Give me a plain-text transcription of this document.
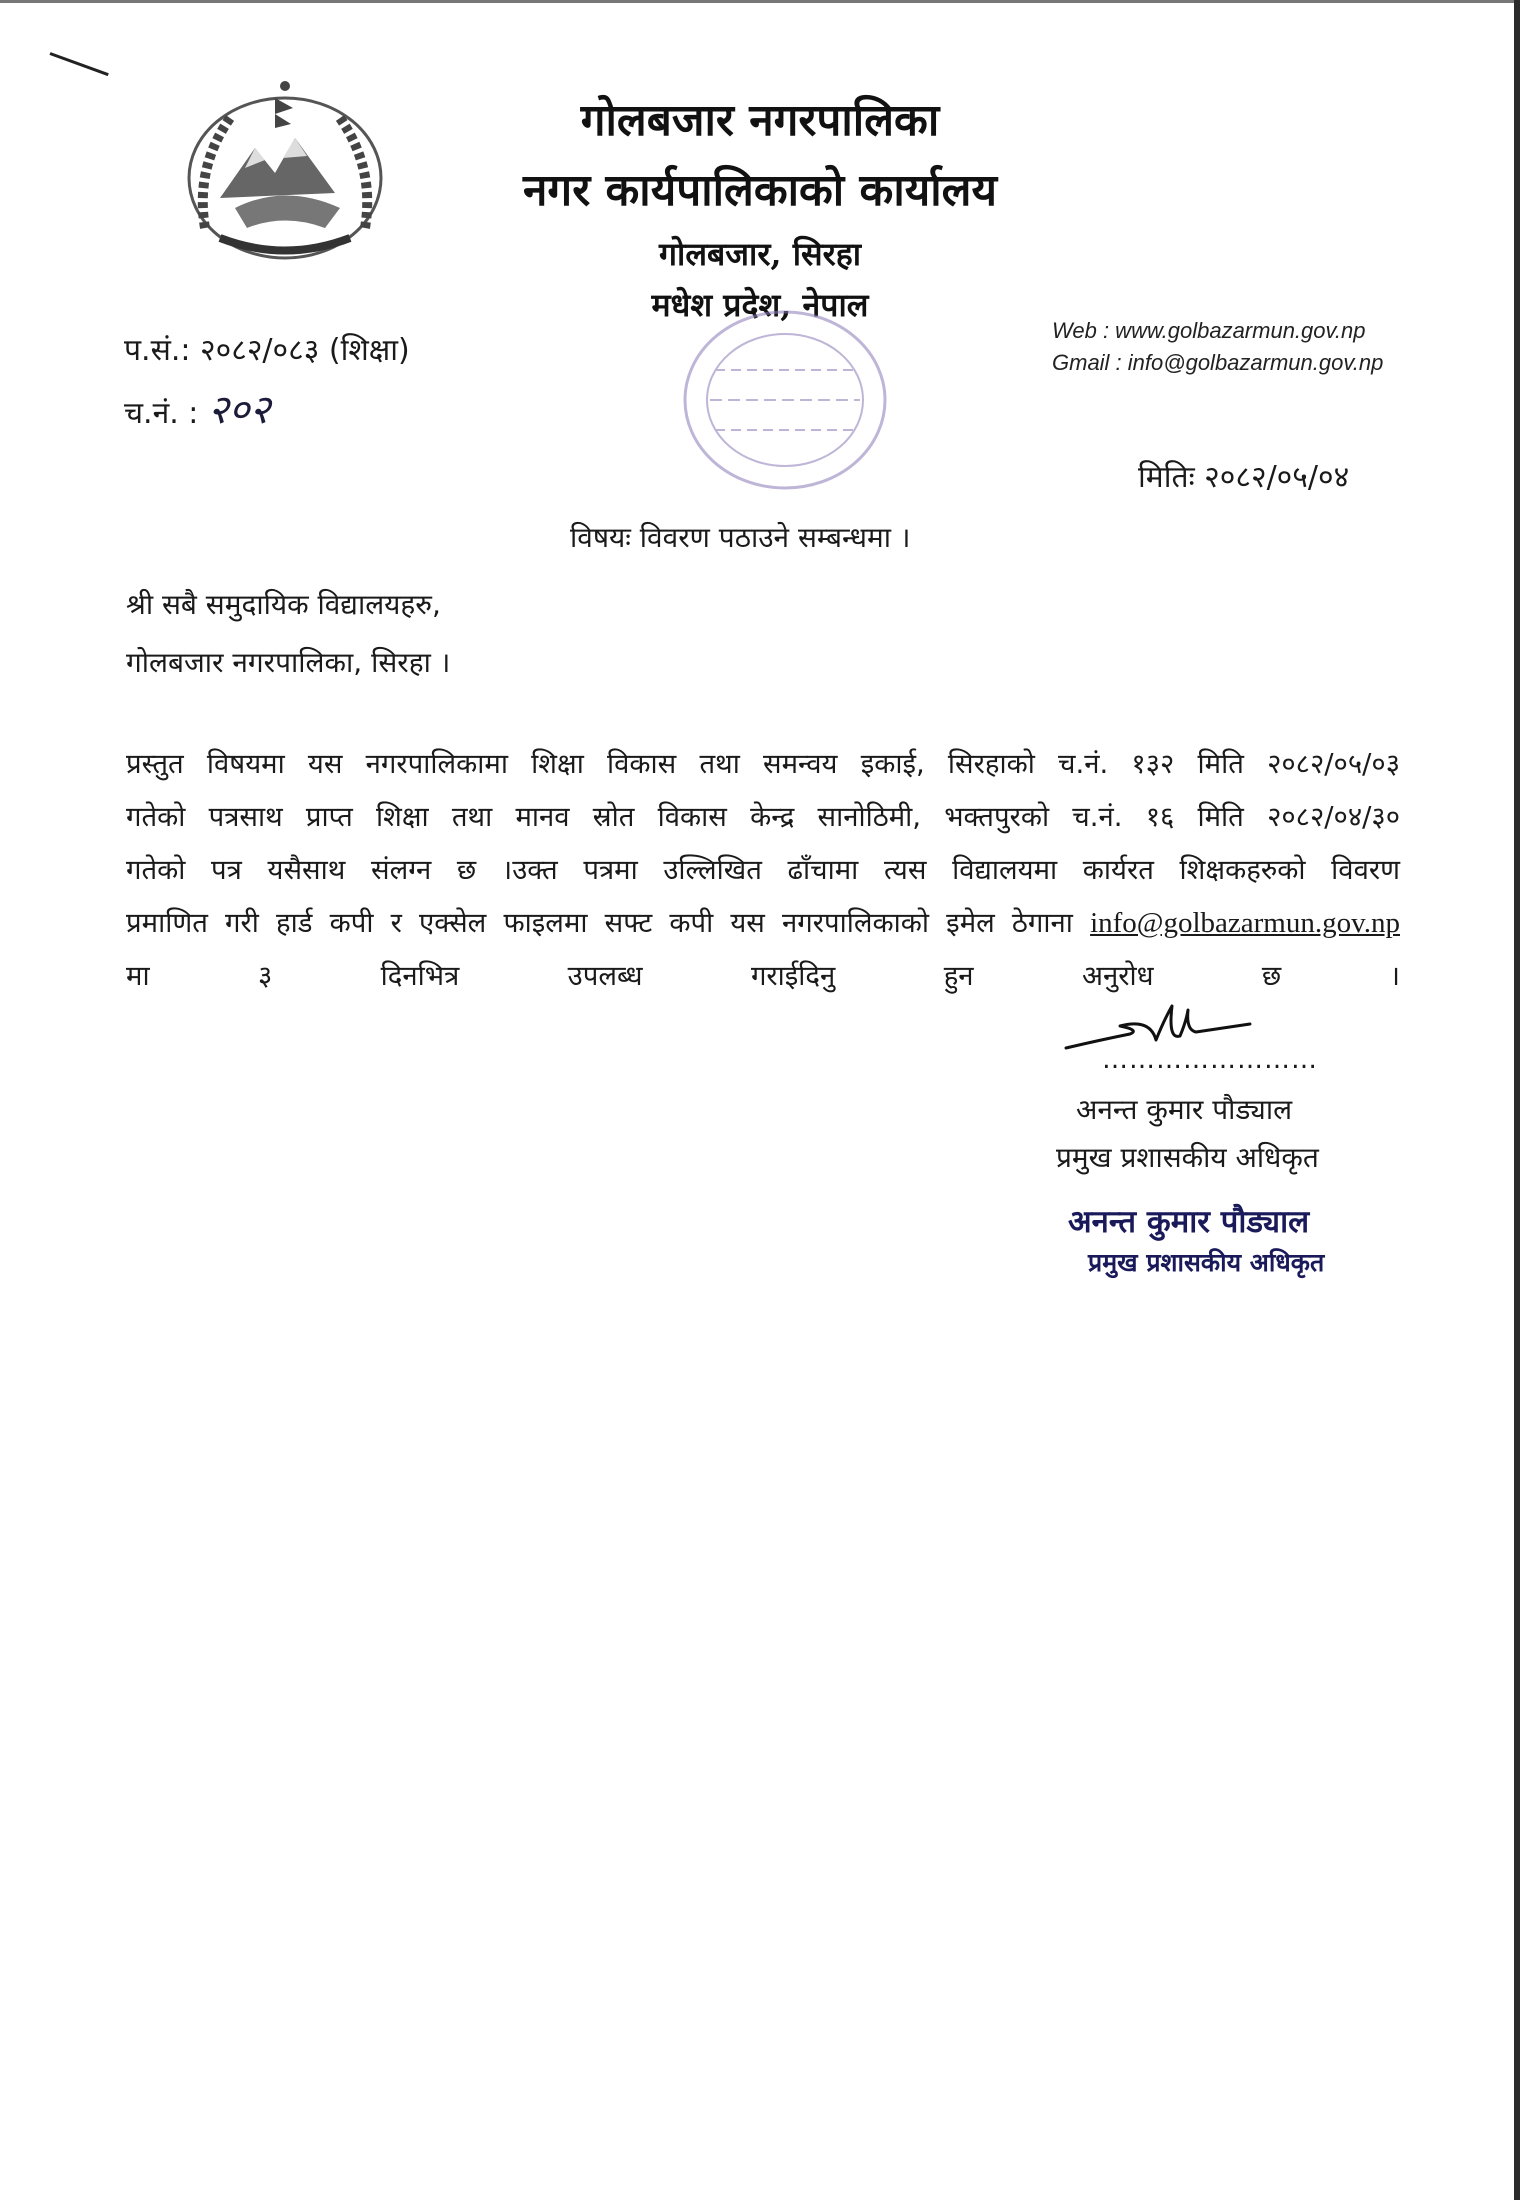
गोलबजार नगरपालिका
नगर कार्यपालिकाको कार्यालय
गोलबजार, सिरहा
मधेश प्रदेश, नेपाल
Web : www.golbazarmun.gov.np
Gmail : info@golbazarmun.gov.np
प.सं.: २०८२/०८३ (शिक्षा)
च.नं. : २०२
मितिः २०८२/०५/०४
विषयः विवरण पठाउने सम्बन्धमा ।
श्री सबै समुदायिक विद्यालयहरु,
गोलबजार नगरपालिका, सिरहा ।
प्रस्तुत विषयमा यस नगरपालिकामा शिक्षा विकास तथा समन्वय इकाई, सिरहाको च.नं. १३२ मिति २०८२/०५/०३
गतेको पत्रसाथ प्राप्त शिक्षा तथा मानव स्रोत विकास केन्द्र सानोठिमी, भक्तपुरको च.नं. १६ मिति २०८२/०४/३०
गतेको पत्र यसैसाथ संलग्न छ ।उक्त पत्रमा उल्लिखित ढाँचामा त्यस विद्यालयमा कार्यरत शिक्षकहरुको विवरण
प्रमाणित गरी हार्ड कपी र एक्सेल फाइलमा सफ्ट कपी यस नगरपालिकाको इमेल ठेगाना info@golbazarmun.gov.np
मा ३ दिनभित्र उपलब्ध गराईदिनु हुन अनुरोध छ ।
……………………
अनन्त कुमार पौड्याल
प्रमुख प्रशासकीय अधिकृत
अनन्त कुमार पौड्याल
प्रमुख प्रशासकीय अधिकृत
